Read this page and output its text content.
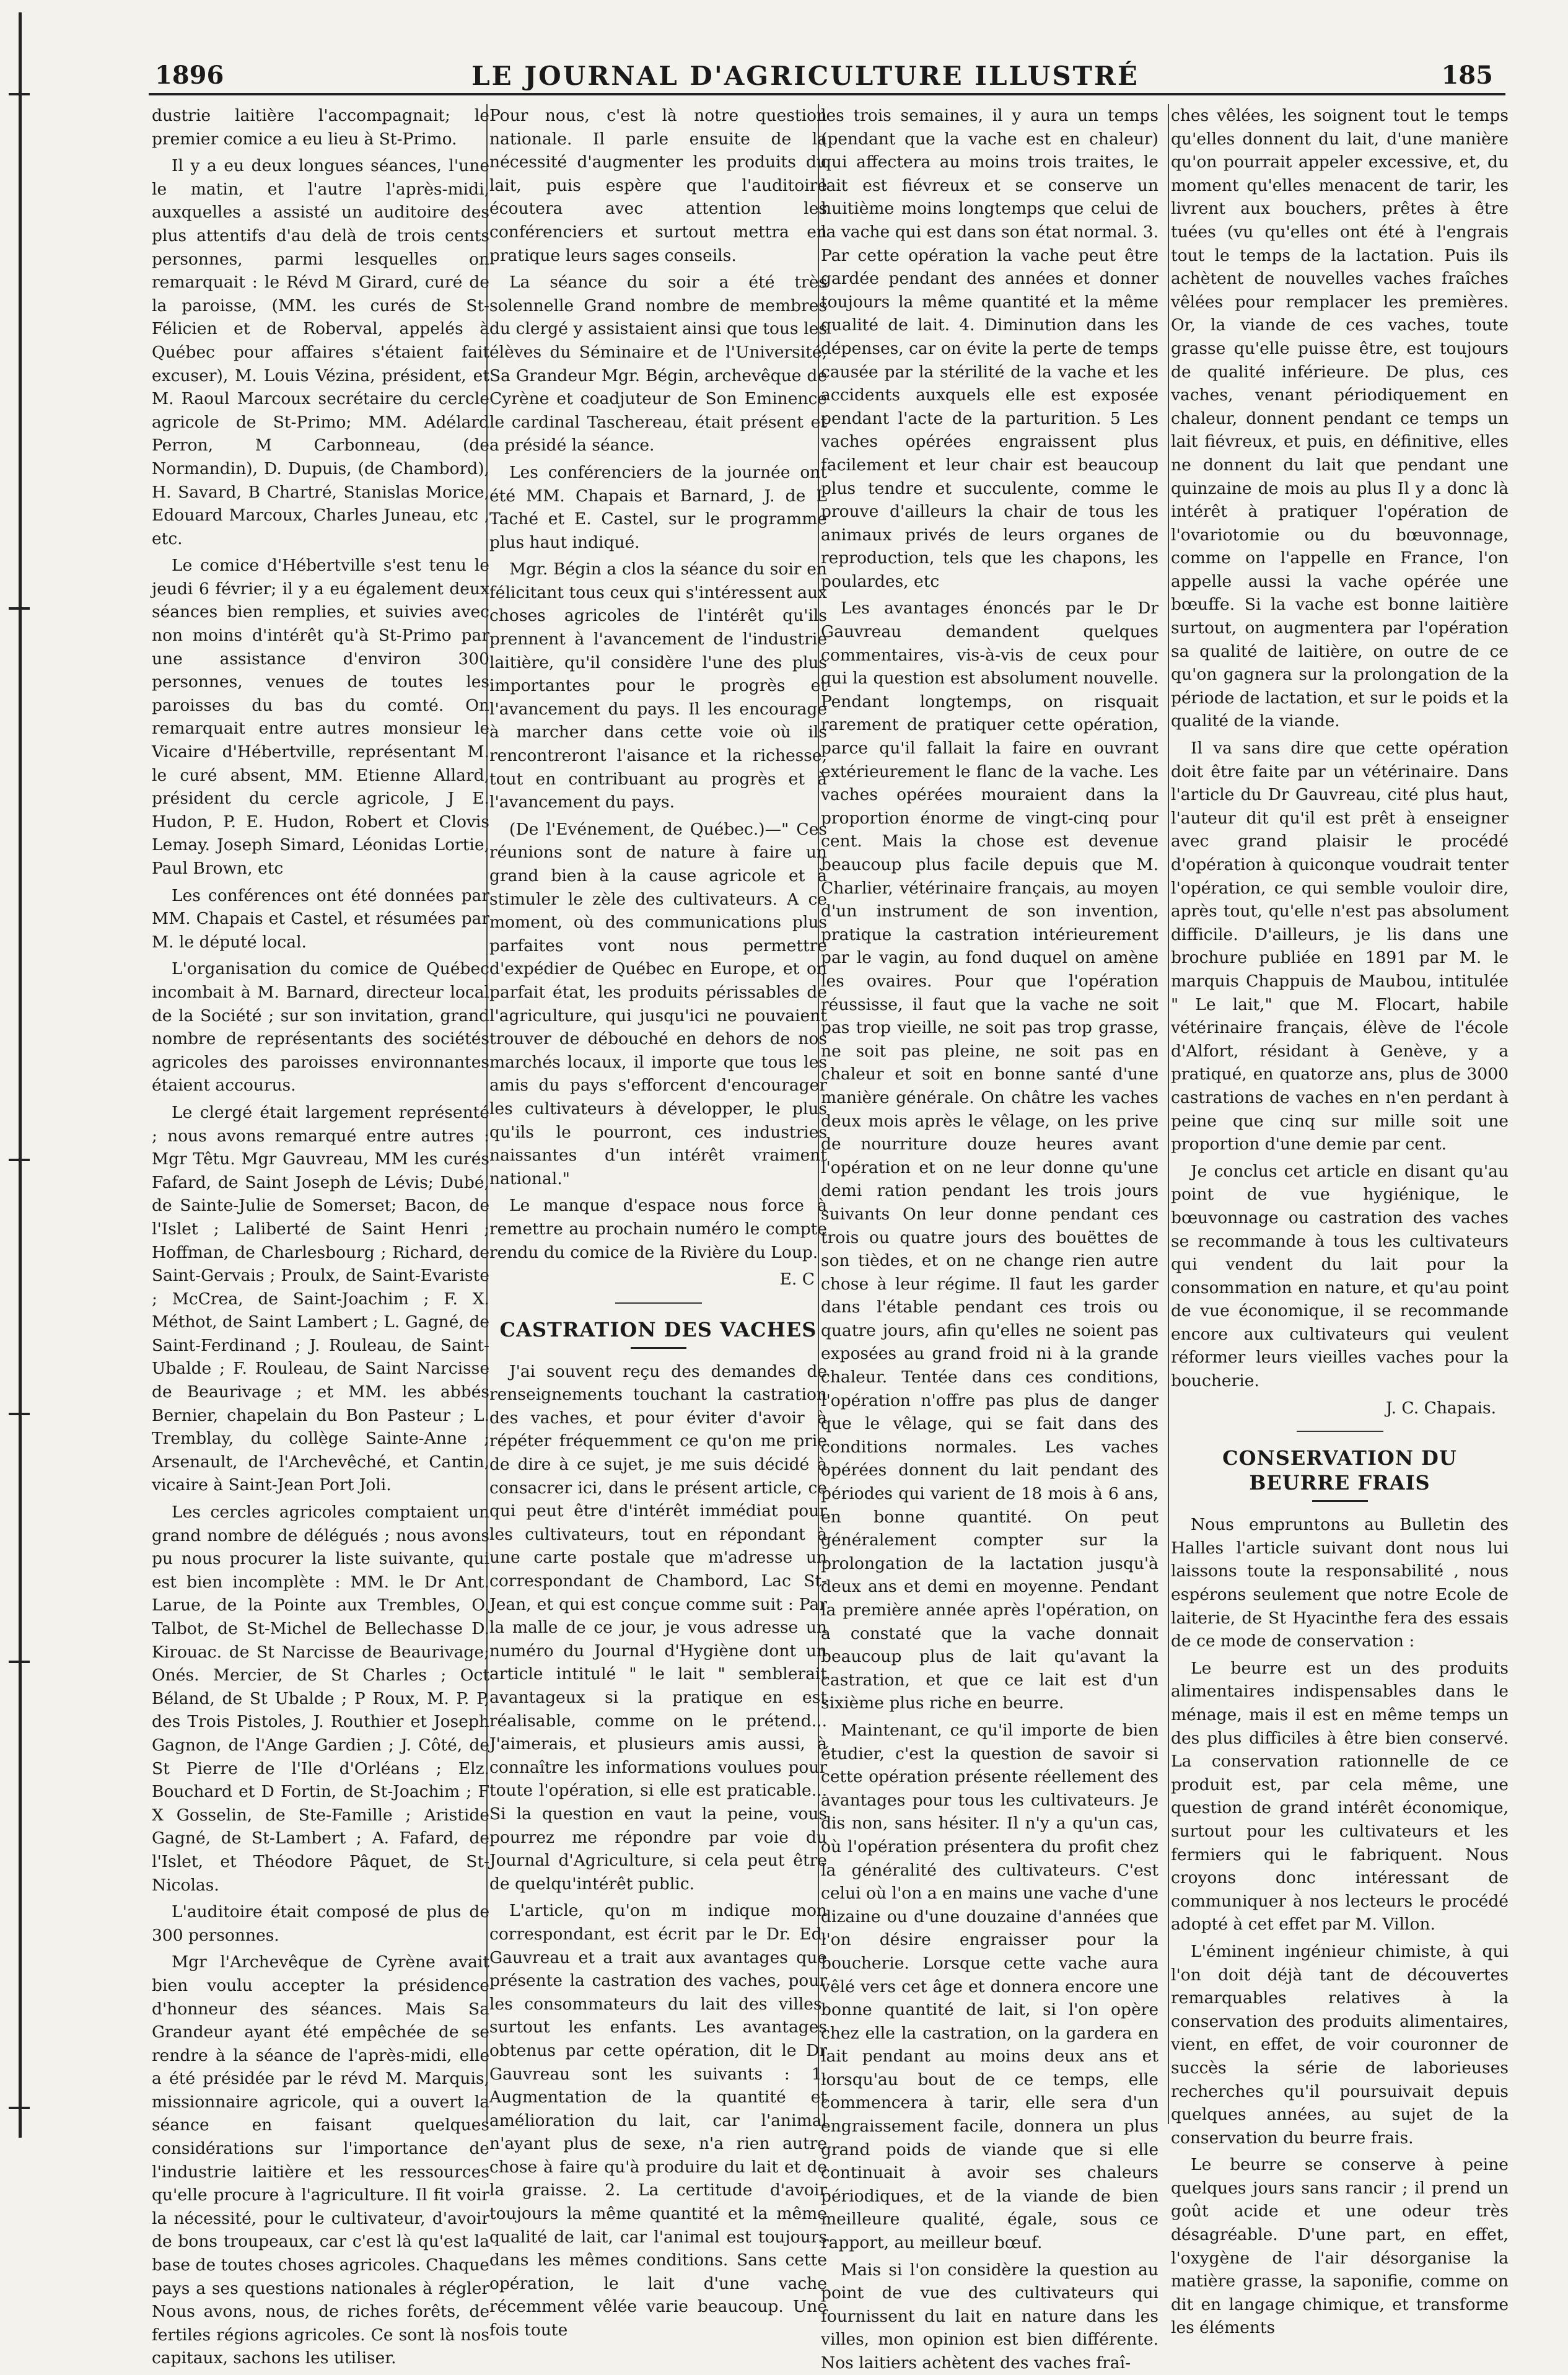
1896	LE JOURNAL D'AGRICULTURE ILLUSTRÉ	185

dustrie laitière l'accompagnait; le premier comice a eu lieu à St-Primo.

Il y a eu deux longues séances, l'une le matin, et l'autre l'après-midi, auxquelles a assisté un auditoire des plus attentifs d'au delà de trois cents personnes, parmi lesquelles on remarquait : le Révd M Girard, curé de la paroisse, (MM. les curés de St-Félicien et de Roberval, appelés à Québec pour affaires s'étaient fait excuser), M. Louis Vézina, président, et M. Raoul Marcoux secrétaire du cercle agricole de St-Primo; MM. Adélard Perron, M Carbonneau, (de Normandin), D. Dupuis, (de Chambord), H. Savard, B Chartré, Stanislas Morice, Edouard Marcoux, Charles Juneau, etc , etc.

Le comice d'Hébertville s'est tenu le jeudi 6 février; il y a eu également deux séances bien remplies, et suivies avec non moins d'intérêt qu'à St-Primo par une assistance d'environ 300 personnes, venues de toutes les paroisses du bas du comté. On remarquait entre autres monsieur le Vicaire d'Hébertville, représentant M. le curé absent, MM. Etienne Allard, président du cercle agricole, J E. Hudon, P. E. Hudon, Robert et Clovis Lemay. Joseph Simard, Léonidas Lortie, Paul Brown, etc

Les conférences ont été données par MM. Chapais et Castel, et résumées par M. le député local.

L'organisation du comice de Québec incombait à M. Barnard, directeur local de la Société ; sur son invitation, grand nombre de représentants des sociétés agricoles des paroisses environnantes étaient accourus.

Le clergé était largement représenté ; nous avons remarqué entre autres : Mgr Têtu. Mgr Gauvreau, MM les curés Fafard, de Saint Joseph de Lévis; Dubé, de Sainte-Julie de Somerset; Bacon, de l'Islet ; Laliberté de Saint Henri ; Hoffman, de Charlesbourg ; Richard, de Saint-Gervais ; Proulx, de Saint-Evariste ; McCrea, de Saint-Joachim ; F. X. Méthot, de Saint Lambert ; L. Gagné, de Saint-Ferdinand ; J. Rouleau, de Saint-Ubalde ; F. Rouleau, de Saint Narcisse de Beaurivage ; et MM. les abbés Bernier, chapelain du Bon Pasteur ; L. Tremblay, du collège Sainte-Anne ; Arsenault, de l'Archevêché, et Cantin, vicaire à Saint-Jean Port Joli.

Les cercles agricoles comptaient un grand nombre de délégués ; nous avons pu nous procurer la liste suivante, qui est bien incomplète : MM. le Dr Ant. Larue, de la Pointe aux Trembles, O. Talbot, de St-Michel de Bellechasse D. Kirouac. de St Narcisse de Beaurivage; Onés. Mercier, de St Charles ; Oct Béland, de St Ubalde ; P Roux, M. P. P, des Trois Pistoles, J. Routhier et Joseph Gagnon, de l'Ange Gardien ; J. Côté, de St Pierre de l'Ile d'Orléans ; Elz. Bouchard et D Fortin, de St-Joachim ; F X Gosselin, de Ste-Famille ; Aristide Gagné, de St-Lambert ; A. Fafard, de l'Islet, et Théodore Pâquet, de St-Nicolas.

L'auditoire était composé de plus de 300 personnes.

Mgr l'Archevêque de Cyrène avait bien voulu accepter la présidence d'honneur des séances. Mais Sa Grandeur ayant été empêchée de se rendre à la séance de l'après-midi, elle a été présidée par le révd M. Marquis, missionnaire agricole, qui a ouvert la séance en faisant quelques considérations sur l'importance de l'industrie laitière et les ressources qu'elle procure à l'agriculture. Il fit voir la nécessité, pour le cultivateur, d'avoir de bons troupeaux, car c'est là qu'est la base de toutes choses agricoles. Chaque pays a ses questions nationales à régler Nous avons, nous, de riches forêts, de fertiles régions agricoles. Ce sont là nos capitaux, sachons les utiliser.

Pour nous, c'est là notre question nationale. Il parle ensuite de la nécessité d'augmenter les produits du lait, puis espère que l'auditoire écoutera avec attention les conférenciers et surtout mettra en pratique leurs sages conseils.

La séance du soir a été très solennelle Grand nombre de membres du clergé y assistaient ainsi que tous les élèves du Séminaire et de l'Université, Sa Grandeur Mgr. Bégin, archevêque de Cyrène et coadjuteur de Son Eminence le cardinal Taschereau, était présent et a présidé la séance.

Les conférenciers de la journée ont été MM. Chapais et Barnard, J. de L Taché et E. Castel, sur le programme plus haut indiqué.

Mgr. Bégin a clos la séance du soir en félicitant tous ceux qui s'intéressent aux choses agricoles de l'intérêt qu'ils prennent à l'avancement de l'industrie laitière, qu'il considère l'une des plus importantes pour le progrès et l'avancement du pays. Il les encourage à marcher dans cette voie où ils rencontreront l'aisance et la richesse, tout en contribuant au progrès et à l'avancement du pays.

(De l'Evénement, de Québec.)—" Ces réunions sont de nature à faire un grand bien à la cause agricole et à stimuler le zèle des cultivateurs. A ce moment, où des communications plus parfaites vont nous permettre d'expédier de Québec en Europe, et on parfait état, les produits périssables de l'agriculture, qui jusqu'ici ne pouvaient trouver de débouché en dehors de nos marchés locaux, il importe que tous les amis du pays s'efforcent d'encourager les cultivateurs à développer, le plus qu'ils le pourront, ces industries naissantes d'un intérêt vraiment national."

Le manque d'espace nous force à remettre au prochain numéro le compte rendu du comice de la Rivière du Loup.

E. C
CASTRATION DES VACHES

J'ai souvent reçu des demandes de renseignements touchant la castration des vaches, et pour éviter d'avoir à répéter fréquemment ce qu'on me prie de dire à ce sujet, je me suis décidé à consacrer ici, dans le présent article, ce qui peut être d'intérêt immédiat pour les cultivateurs, tout en répondant à une carte postale que m'adresse un correspondant de Chambord, Lac St-Jean, et qui est conçue comme suit : Par la malle de ce jour, je vous adresse un numéro du Journal d'Hygiène dont un article intitulé " le lait " semblerait avantageux si la pratique en est réalisable, comme on le prétend... J'aimerais, et plusieurs amis aussi, à connaître les informations voulues pour toute l'opération, si elle est praticable... Si la question en vaut la peine, vous pourrez me répondre par voie du Journal d'Agriculture, si cela peut être de quelqu'intérêt public.

L'article, qu'on m indique mon correspondant, est écrit par le Dr. Ed. Gauvreau et a trait aux avantages que présente la castration des vaches, pour les consommateurs du lait des villes, surtout les enfants. Les avantages obtenus par cette opération, dit le Dr Gauvreau sont les suivants : 1. Augmentation de la quantité et amélioration du lait, car l'animal n'ayant plus de sexe, n'a rien autre chose à faire qu'à produire du lait et de la graisse. 2. La certitude d'avoir toujours la même quantité et la même qualité de lait, car l'animal est toujours dans les mêmes conditions. Sans cette opération, le lait d'une vache récemment vêlée varie beaucoup. Une fois toute

les trois semaines, il y aura un temps (pendant que la vache est en chaleur) qui affectera au moins trois traites, le lait est fiévreux et se conserve un huitième moins longtemps que celui de la vache qui est dans son état normal. 3. Par cette opération la vache peut être gardée pendant des années et donner toujours la même quantité et la même qualité de lait. 4. Diminution dans les dépenses, car on évite la perte de temps causée par la stérilité de la vache et les accidents auxquels elle est exposée pendant l'acte de la parturition. 5 Les vaches opérées engraissent plus facilement et leur chair est beaucoup plus tendre et succulente, comme le prouve d'ailleurs la chair de tous les animaux privés de leurs organes de reproduction, tels que les chapons, les poulardes, etc

Les avantages énoncés par le Dr Gauvreau demandent quelques commentaires, vis-à-vis de ceux pour qui la question est absolument nouvelle. Pendant longtemps, on risquait rarement de pratiquer cette opération, parce qu'il fallait la faire en ouvrant extérieurement le flanc de la vache. Les vaches opérées mouraient dans la proportion énorme de vingt-cinq pour cent. Mais la chose est devenue beaucoup plus facile depuis que M. Charlier, vétérinaire français, au moyen d'un instrument de son invention, pratique la castration intérieurement par le vagin, au fond duquel on amène les ovaires. Pour que l'opération réussisse, il faut que la vache ne soit pas trop vieille, ne soit pas trop grasse, ne soit pas pleine, ne soit pas en chaleur et soit en bonne santé d'une manière générale. On châtre les vaches deux mois après le vêlage, on les prive de nourriture douze heures avant l'opération et on ne leur donne qu'une demi ration pendant les trois jours suivants On leur donne pendant ces trois ou quatre jours des bouëttes de son tièdes, et on ne change rien autre chose à leur régime. Il faut les garder dans l'étable pendant ces trois ou quatre jours, afin qu'elles ne soient pas exposées au grand froid ni à la grande chaleur. Tentée dans ces conditions, l'opération n'offre pas plus de danger que le vêlage, qui se fait dans des conditions normales. Les vaches opérées donnent du lait pendant des périodes qui varient de 18 mois à 6 ans, en bonne quantité. On peut généralement compter sur la prolongation de la lactation jusqu'à deux ans et demi en moyenne. Pendant la première année après l'opération, on a constaté que la vache donnait beaucoup plus de lait qu'avant la castration, et que ce lait est d'un sixième plus riche en beurre.

Maintenant, ce qu'il importe de bien étudier, c'est la question de savoir si cette opération présente réellement des avantages pour tous les cultivateurs. Je dis non, sans hésiter. Il n'y a qu'un cas, où l'opération présentera du profit chez la généralité des cultivateurs. C'est celui où l'on a en mains une vache d'une dizaine ou d'une douzaine d'années que l'on désire engraisser pour la boucherie. Lorsque cette vache aura vêlé vers cet âge et donnera encore une bonne quantité de lait, si l'on opère chez elle la castration, on la gardera en lait pendant au moins deux ans et lorsqu'au bout de ce temps, elle commencera à tarir, elle sera d'un engraissement facile, donnera un plus grand poids de viande que si elle continuait à avoir ses chaleurs périodiques, et de la viande de bien meilleure qualité, égale, sous ce rapport, au meilleur bœuf.

Mais si l'on considère la question au point de vue des cultivateurs qui fournissent du lait en nature dans les villes, mon opinion est bien différente. Nos laitiers achètent des vaches fraî-

ches vêlées, les soignent tout le temps qu'elles donnent du lait, d'une manière qu'on pourrait appeler excessive, et, du moment qu'elles menacent de tarir, les livrent aux bouchers, prêtes à être tuées (vu qu'elles ont été à l'engrais tout le temps de la lactation. Puis ils achètent de nouvelles vaches fraîches vêlées pour remplacer les premières. Or, la viande de ces vaches, toute grasse qu'elle puisse être, est toujours de qualité inférieure. De plus, ces vaches, venant périodiquement en chaleur, donnent pendant ce temps un lait fiévreux, et puis, en définitive, elles ne donnent du lait que pendant une quinzaine de mois au plus Il y a donc là intérêt à pratiquer l'opération de l'ovariotomie ou du bœuvonnage, comme on l'appelle en France, l'on appelle aussi la vache opérée une bœuffe. Si la vache est bonne laitière surtout, on augmentera par l'opération sa qualité de laitière, on outre de ce qu'on gagnera sur la prolongation de la période de lactation, et sur le poids et la qualité de la viande.

Il va sans dire que cette opération doit être faite par un vétérinaire. Dans l'article du Dr Gauvreau, cité plus haut, l'auteur dit qu'il est prêt à enseigner avec grand plaisir le procédé d'opération à quiconque voudrait tenter l'opération, ce qui semble vouloir dire, après tout, qu'elle n'est pas absolument difficile. D'ailleurs, je lis dans une brochure publiée en 1891 par M. le marquis Chappuis de Maubou, intitulée " Le lait," que M. Flocart, habile vétérinaire français, élève de l'école d'Alfort, résidant à Genève, y a pratiqué, en quatorze ans, plus de 3000 castrations de vaches en n'en perdant à peine que cinq sur mille soit une proportion d'une demie par cent.

Je conclus cet article en disant qu'au point de vue hygiénique, le bœuvonnage ou castration des vaches se recommande à tous les cultivateurs qui vendent du lait pour la consommation en nature, et qu'au point de vue économique, il se recommande encore aux cultivateurs qui veulent réformer leurs vieilles vaches pour la boucherie.

J. C. Chapais.
CONSERVATION DU BEURRE FRAIS

Nous empruntons au Bulletin des Halles l'article suivant dont nous lui laissons toute la responsabilité , nous espérons seulement que notre Ecole de laiterie, de St Hyacinthe fera des essais de ce mode de conservation :

Le beurre est un des produits alimentaires indispensables dans le ménage, mais il est en même temps un des plus difficiles à être bien conservé. La conservation rationnelle de ce produit est, par cela même, une question de grand intérêt économique, surtout pour les cultivateurs et les fermiers qui le fabriquent. Nous croyons donc intéressant de communiquer à nos lecteurs le procédé adopté à cet effet par M. Villon.

L'éminent ingénieur chimiste, à qui l'on doit déjà tant de découvertes remarquables relatives à la conservation des produits alimentaires, vient, en effet, de voir couronner de succès la série de laborieuses recherches qu'il poursuivait depuis quelques années, au sujet de la conservation du beurre frais.

Le beurre se conserve à peine quelques jours sans rancir ; il prend un goût acide et une odeur très désagréable. D'une part, en effet, l'oxygène de l'air désorganise la matière grasse, la saponifie, comme on dit en langage chimique, et transforme les éléments
